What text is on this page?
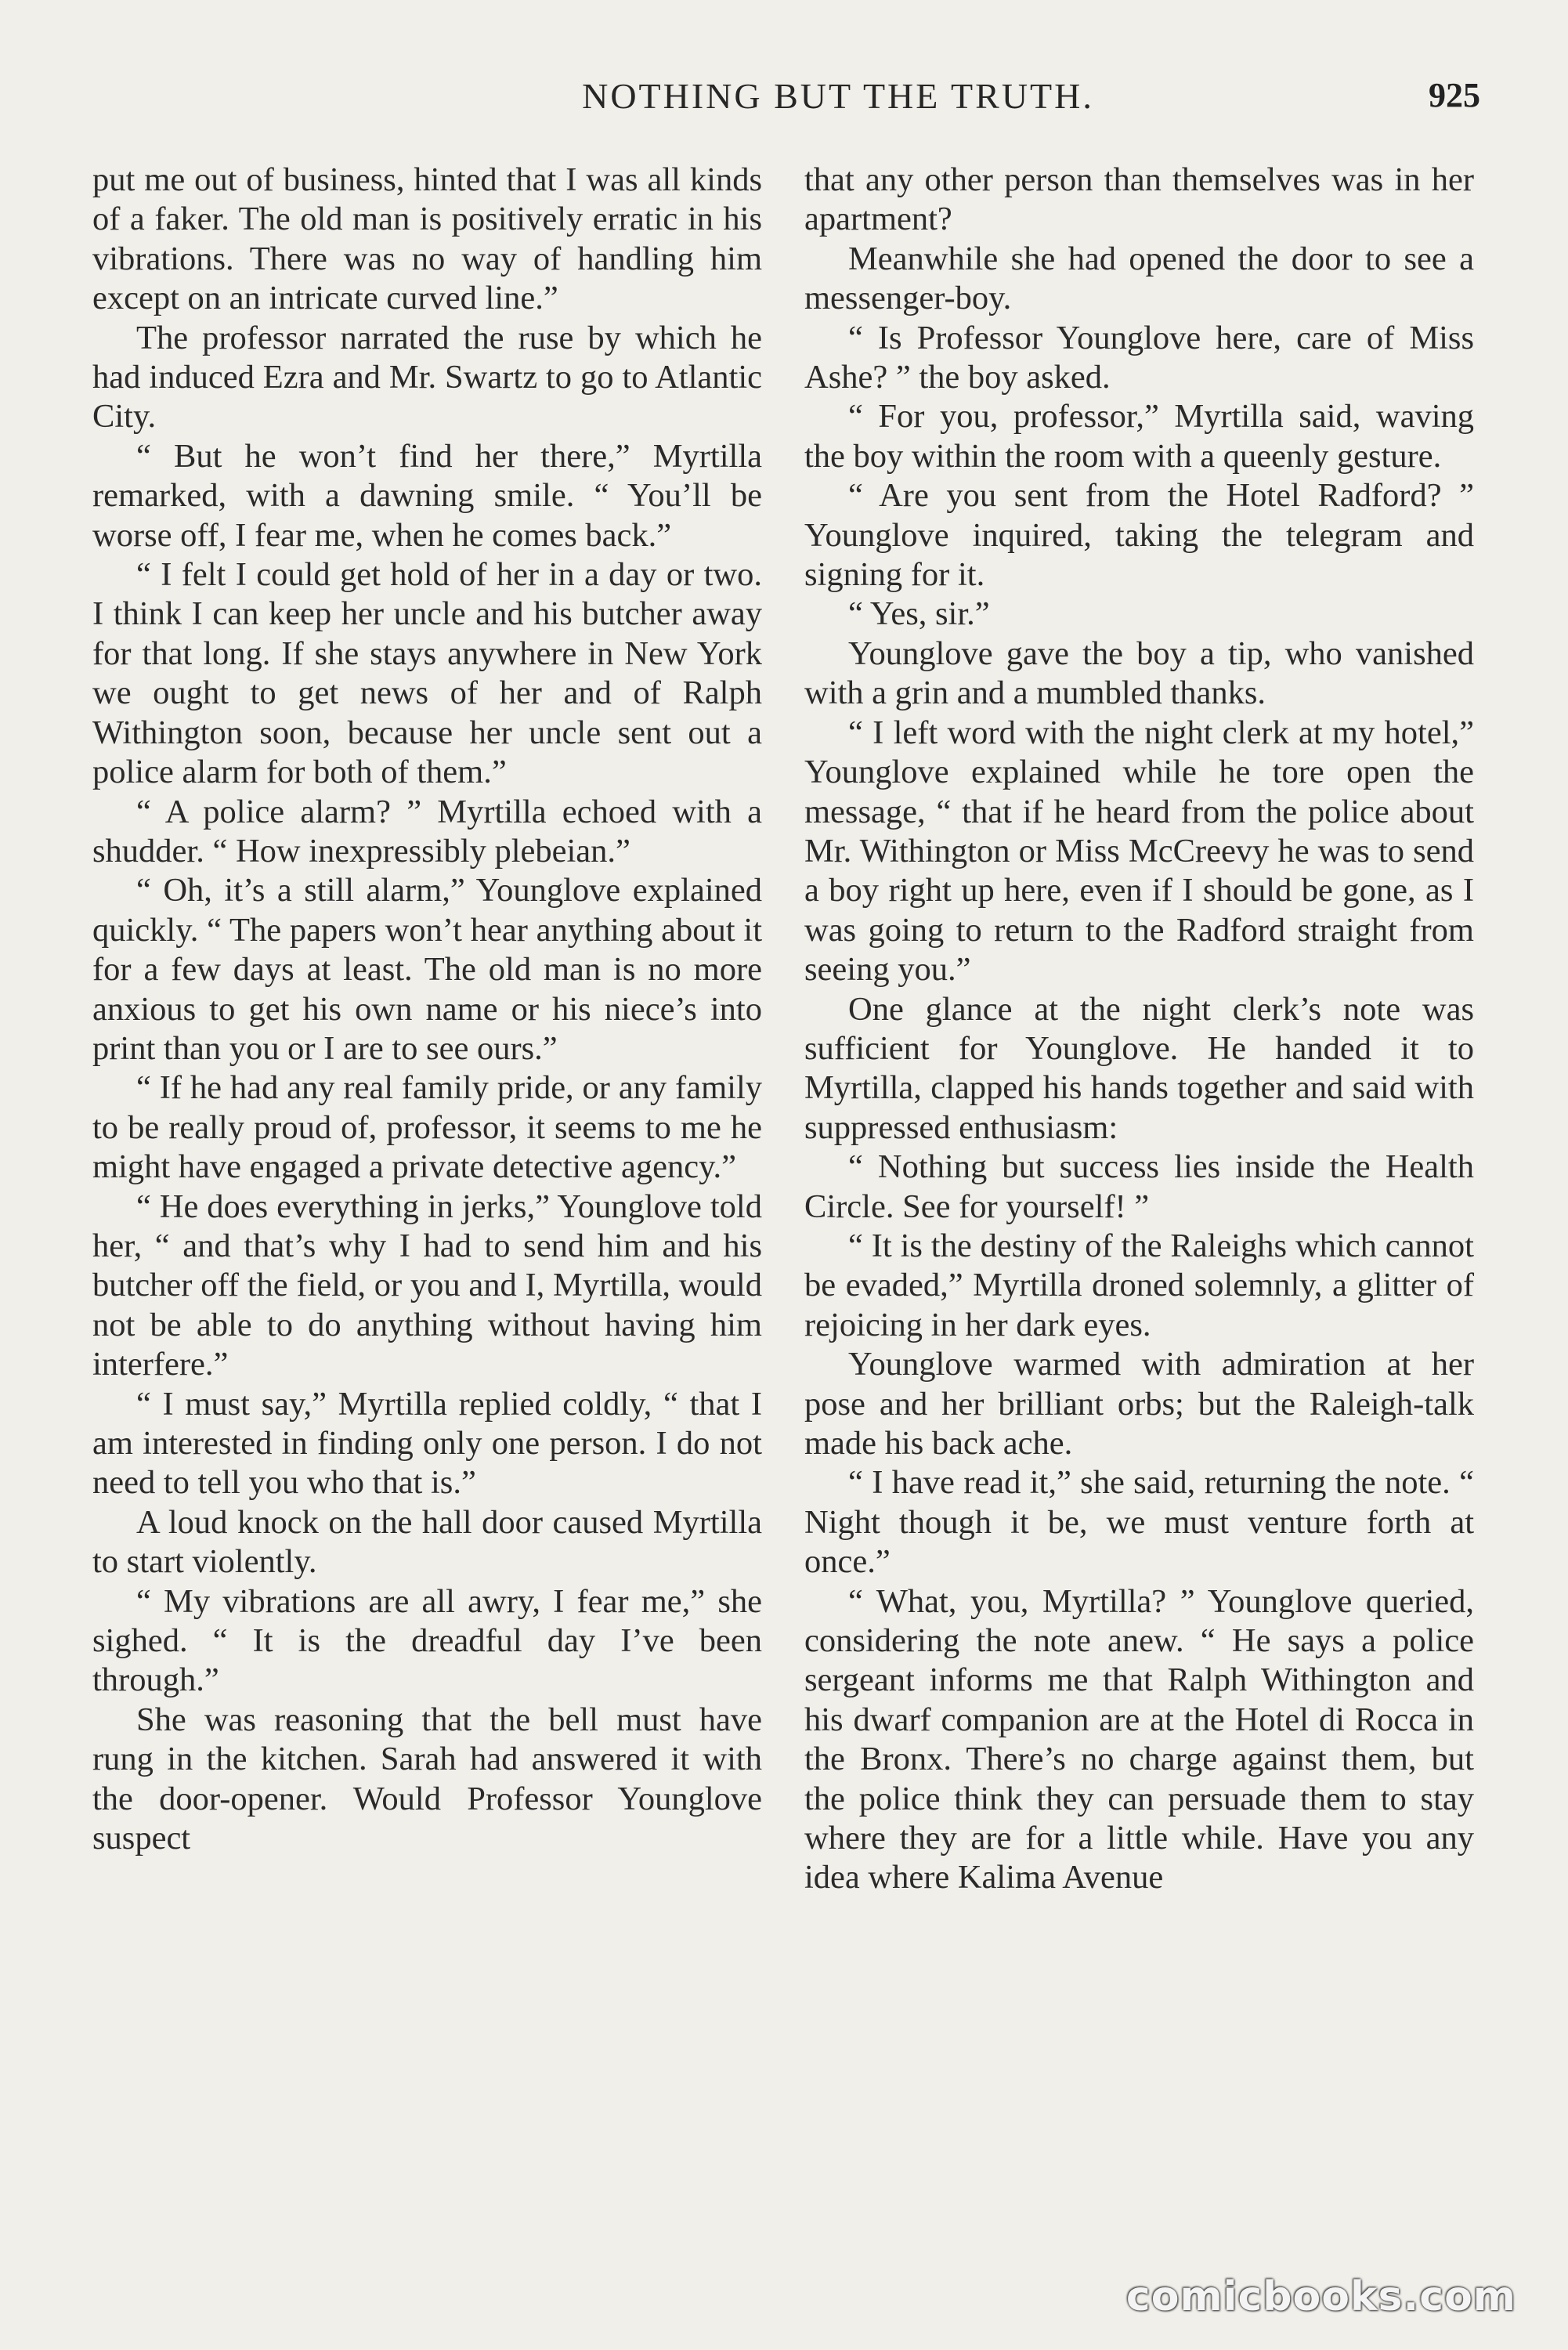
NOTHING BUT THE TRUTH.	925

put me out of business, hinted that I was all kinds of a faker. The old man is positively erratic in his vibrations. There was no way of handling him except on an intricate curved line.”

The professor narrated the ruse by which he had induced Ezra and Mr. Swartz to go to Atlantic City.

“ But he won’t find her there,” Myrtilla remarked, with a dawning smile. “ You’ll be worse off, I fear me, when he comes back.”

“ I felt I could get hold of her in a day or two. I think I can keep her uncle and his butcher away for that long. If she stays anywhere in New York we ought to get news of her and of Ralph Withington soon, because her uncle sent out a police alarm for both of them.”

“ A police alarm? ” Myrtilla echoed with a shudder. “ How inexpressibly plebeian.”

“ Oh, it’s a still alarm,” Younglove explained quickly. “ The papers won’t hear anything about it for a few days at least. The old man is no more anxious to get his own name or his niece’s into print than you or I are to see ours.”

“ If he had any real family pride, or any family to be really proud of, professor, it seems to me he might have engaged a private detective agency.”

“ He does everything in jerks,” Younglove told her, “ and that’s why I had to send him and his butcher off the field, or you and I, Myrtilla, would not be able to do anything without having him interfere.”

“ I must say,” Myrtilla replied coldly, “ that I am interested in finding only one person. I do not need to tell you who that is.”

A loud knock on the hall door caused Myrtilla to start violently.

“ My vibrations are all awry, I fear me,” she sighed. “ It is the dreadful day I’ve been through.”

She was reasoning that the bell must have rung in the kitchen. Sarah had answered it with the door-opener. Would Professor Younglove suspect

that any other person than themselves was in her apartment?

Meanwhile she had opened the door to see a messenger-boy.

“ Is Professor Younglove here, care of Miss Ashe? ” the boy asked.

“ For you, professor,” Myrtilla said, waving the boy within the room with a queenly gesture.

“ Are you sent from the Hotel Radford? ” Younglove inquired, taking the telegram and signing for it.

“ Yes, sir.”

Younglove gave the boy a tip, who vanished with a grin and a mumbled thanks.

“ I left word with the night clerk at my hotel,” Younglove explained while he tore open the message, “ that if he heard from the police about Mr. Withington or Miss McCreevy he was to send a boy right up here, even if I should be gone, as I was going to return to the Radford straight from seeing you.”

One glance at the night clerk’s note was sufficient for Younglove. He handed it to Myrtilla, clapped his hands together and said with suppressed enthusiasm:

“ Nothing but success lies inside the Health Circle. See for yourself! ”

“ It is the destiny of the Raleighs which cannot be evaded,” Myrtilla droned solemnly, a glitter of rejoicing in her dark eyes.

Younglove warmed with admiration at her pose and her brilliant orbs; but the Raleigh-talk made his back ache.

“ I have read it,” she said, returning the note. “ Night though it be, we must venture forth at once.”

“ What, you, Myrtilla? ” Younglove queried, considering the note anew. “ He says a police sergeant informs me that Ralph Withington and his dwarf companion are at the Hotel di Rocca in the Bronx. There’s no charge against them, but the police think they can persuade them to stay where they are for a little while. Have you any idea where Kalima Avenue

comicbooks.com
